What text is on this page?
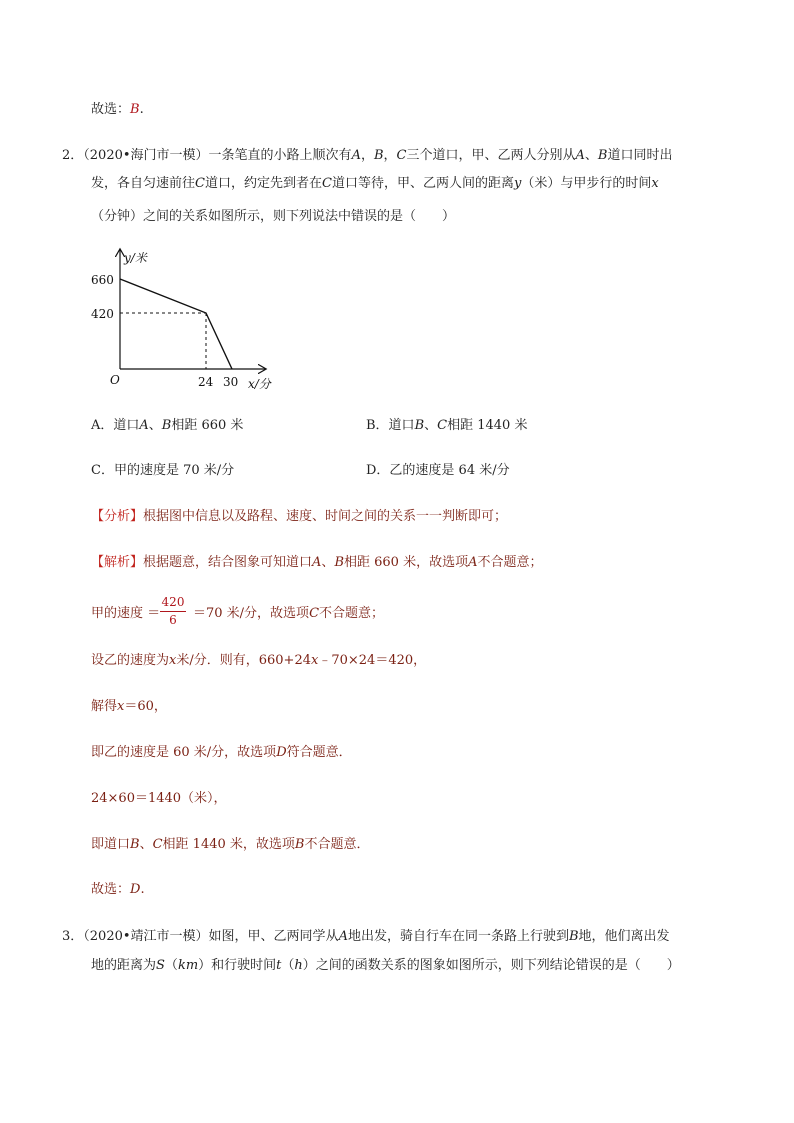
故选：B.
2．（2020•海门市一模）一条笔直的小路上顺次有A，B，C三个道口，甲、乙两人分别从A、B道口同时出
发，各自匀速前往C道口，约定先到者在C道口等待，甲、乙两人间的距离y（米）与甲步行的时间x
（分钟）之间的关系如图所示，则下列说法中错误的是（　　）
y/米
x/分
O
660
420
24 30
A．道口A、B相距 660 米	B．道口B、C相距 1440 米
C．甲的速度是 70 米/分	D．乙的速度是 64 米/分
【分析】根据图中信息以及路程、速度、时间之间的关系一一判断即可；
【解析】根据题意，结合图象可知道口A、B相距 660 米，故选项A不合题意；
甲的速度 ＝
420
6	＝70 米/分，故选项C不合题意；
设乙的速度为x米/分．则有，660+24x﹣70×24＝420，
解得x＝60，
即乙的速度是 60 米/分，故选项D符合题意．
24×60＝1440（米），
即道口B、C相距 1440 米，故选项B不合题意．
故选：D.
3．（2020•靖江市一模）如图，甲、乙两同学从A地出发，骑自行车在同一条路上行驶到B地，他们离出发
地的距离为S（km）和行驶时间t（h）之间的函数关系的图象如图所示，则下列结论错误的是（　　）
